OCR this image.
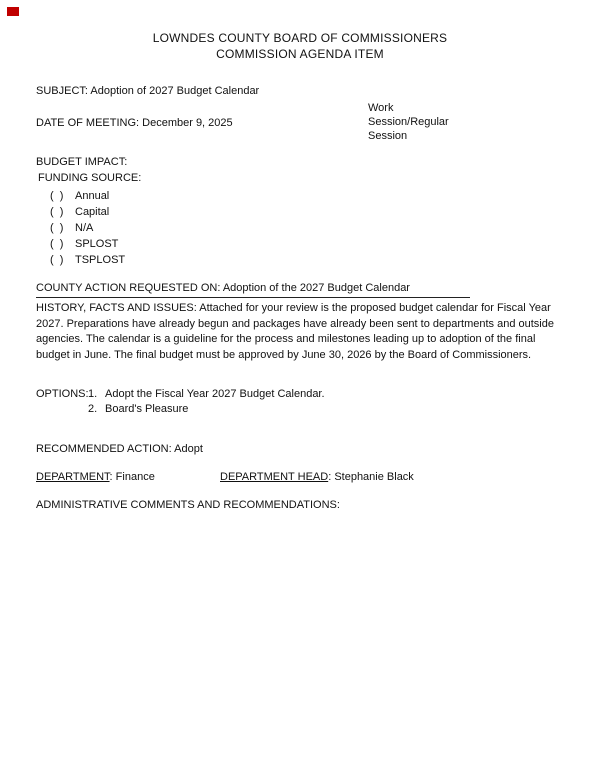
LOWNDES COUNTY BOARD OF COMMISSIONERS
COMMISSION AGENDA ITEM
SUBJECT: Adoption of 2027 Budget Calendar
Work Session/Regular Session
DATE OF MEETING: December 9, 2025
BUDGET IMPACT:
FUNDING SOURCE:
(  ) Annual
(  ) Capital
(  ) N/A
(  ) SPLOST
(  ) TSPLOST
COUNTY ACTION REQUESTED ON: Adoption of the 2027 Budget Calendar
HISTORY, FACTS AND ISSUES: Attached for your review is the proposed budget calendar for Fiscal Year 2027. Preparations have already begun and packages have already been sent to departments and outside agencies. The calendar is a guideline for the process and milestones leading up to adoption of the final budget in June. The final budget must be approved by June 30, 2026 by the Board of Commissioners.
OPTIONS: 1. Adopt the Fiscal Year 2027 Budget Calendar.
2. Board's Pleasure
RECOMMENDED ACTION: Adopt
DEPARTMENT: Finance	DEPARTMENT HEAD: Stephanie Black
ADMINISTRATIVE COMMENTS AND RECOMMENDATIONS:
